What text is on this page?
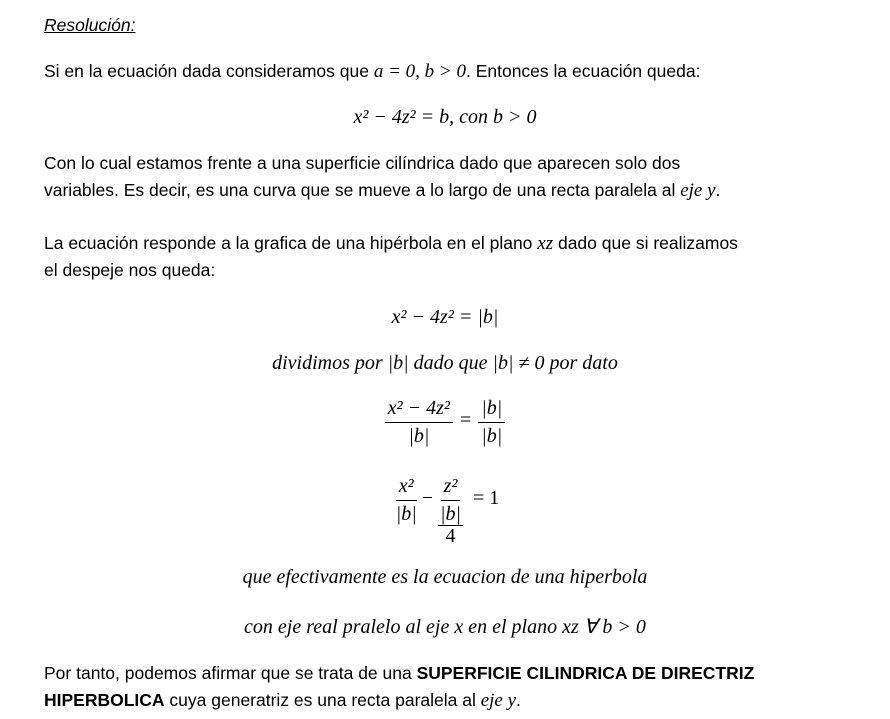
Resolución:
Si en la ecuación dada consideramos que a = 0, b > 0. Entonces la ecuación queda:
x² − 4z² = b, con b > 0
Con lo cual estamos frente a una superficie cilíndrica dado que aparecen solo dos
variables. Es decir, es una curva que se mueve a lo largo de una recta paralela al eje y.
La ecuación responde a la grafica de una hipérbola en el plano xz dado que si realizamos
el despeje nos queda:
x² − 4z² = |b|
dividimos por |b| dado que |b| ≠ 0 por dato
$\frac{\text{x² − 4z²}}{|b|} = \frac{|b|}{|b|}$
$\frac{\text{x²}}{|b|} - \frac{\text{z²}}{\frac{|b|}{4}} = 1$
que efectivamente es la ecuacion de una hiperbola
con eje real pralelo al eje x en el plano xz ∀ b > 0
Por tanto, podemos afirmar que se trata de una SUPERFICIE CILINDRICA DE DIRECTRIZ
HIPERBOLICA cuya generatriz es una recta paralela al eje y.
